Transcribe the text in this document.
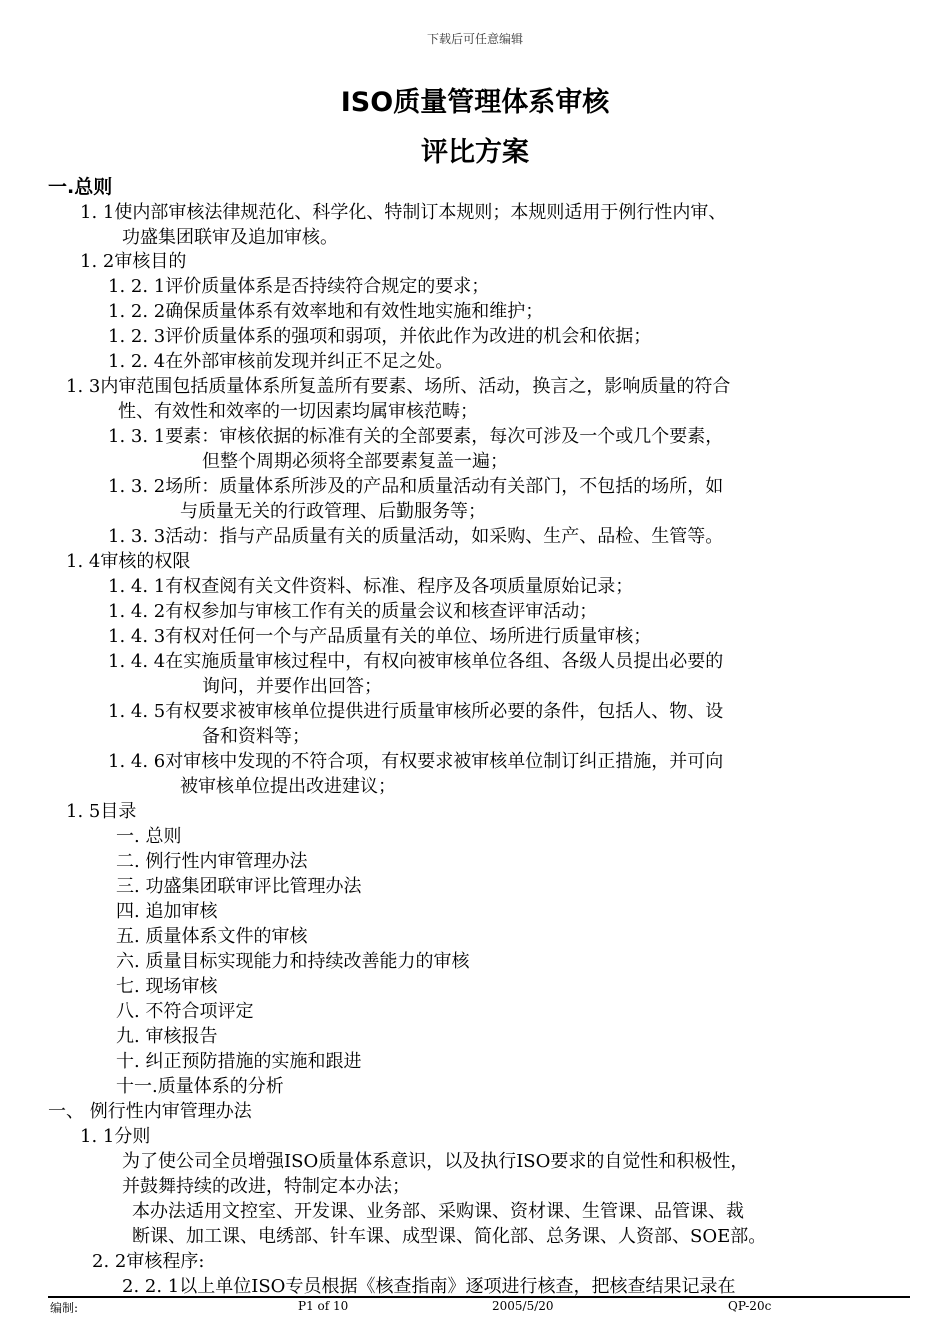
下载后可任意编辑
ISO质量管理体系审核
评比方案
一.总则
1. 1使内部审核法律规范化、科学化、特制订本规则；本规则适用于例行性内审、
功盛集团联审及追加审核。
1. 2审核目的
1. 2. 1评价质量体系是否持续符合规定的要求；
1. 2. 2确保质量体系有效率地和有效性地实施和维护；
1. 2. 3评价质量体系的强项和弱项，并依此作为改进的机会和依据；
1. 2. 4在外部审核前发现并纠正不足之处。
1. 3内审范围包括质量体系所复盖所有要素、场所、活动，换言之，影响质量的符合
性、有效性和效率的一切因素均属审核范畴；
1. 3. 1要素：审核依据的标准有关的全部要素，每次可涉及一个或几个要素，
但整个周期必须将全部要素复盖一遍；
1. 3. 2场所：质量体系所涉及的产品和质量活动有关部门，不包括的场所，如
与质量无关的行政管理、后勤服务等；
1. 3. 3活动：指与产品质量有关的质量活动，如采购、生产、品检、生管等。
1. 4审核的权限
1. 4. 1有权查阅有关文件资料、标准、程序及各项质量原始记录；
1. 4. 2有权参加与审核工作有关的质量会议和核查评审活动；
1. 4. 3有权对任何一个与产品质量有关的单位、场所进行质量审核；
1. 4. 4在实施质量审核过程中，有权向被审核单位各组、各级人员提出必要的
询问，并要作出回答；
1. 4. 5有权要求被审核单位提供进行质量审核所必要的条件，包括人、物、设
备和资料等；
1. 4. 6对审核中发现的不符合项，有权要求被审核单位制订纠正措施，并可向
被审核单位提出改进建议；
1. 5目录
一. 总则
二. 例行性内审管理办法
三. 功盛集团联审评比管理办法
四. 追加审核
五. 质量体系文件的审核
六. 质量目标实现能力和持续改善能力的审核
七. 现场审核
八. 不符合项评定
九. 审核报告
十. 纠正预防措施的实施和跟进
十一.质量体系的分析
一、 例行性内审管理办法
1. 1分则
为了使公司全员增强ISO质量体系意识，以及执行ISO要求的自觉性和积极性，
并鼓舞持续的改进，特制定本办法；
本办法适用文控室、开发课、业务部、采购课、资材课、生管课、品管课、裁
断课、加工课、电绣部、针车课、成型课、简化部、总务课、人资部、SOE部。
2. 2审核程序:
2. 2. 1以上单位ISO专员根据《核查指南》逐项进行核查，把核查结果记录在
编制:	P1 of 10	2005/5/20	QP-20c
